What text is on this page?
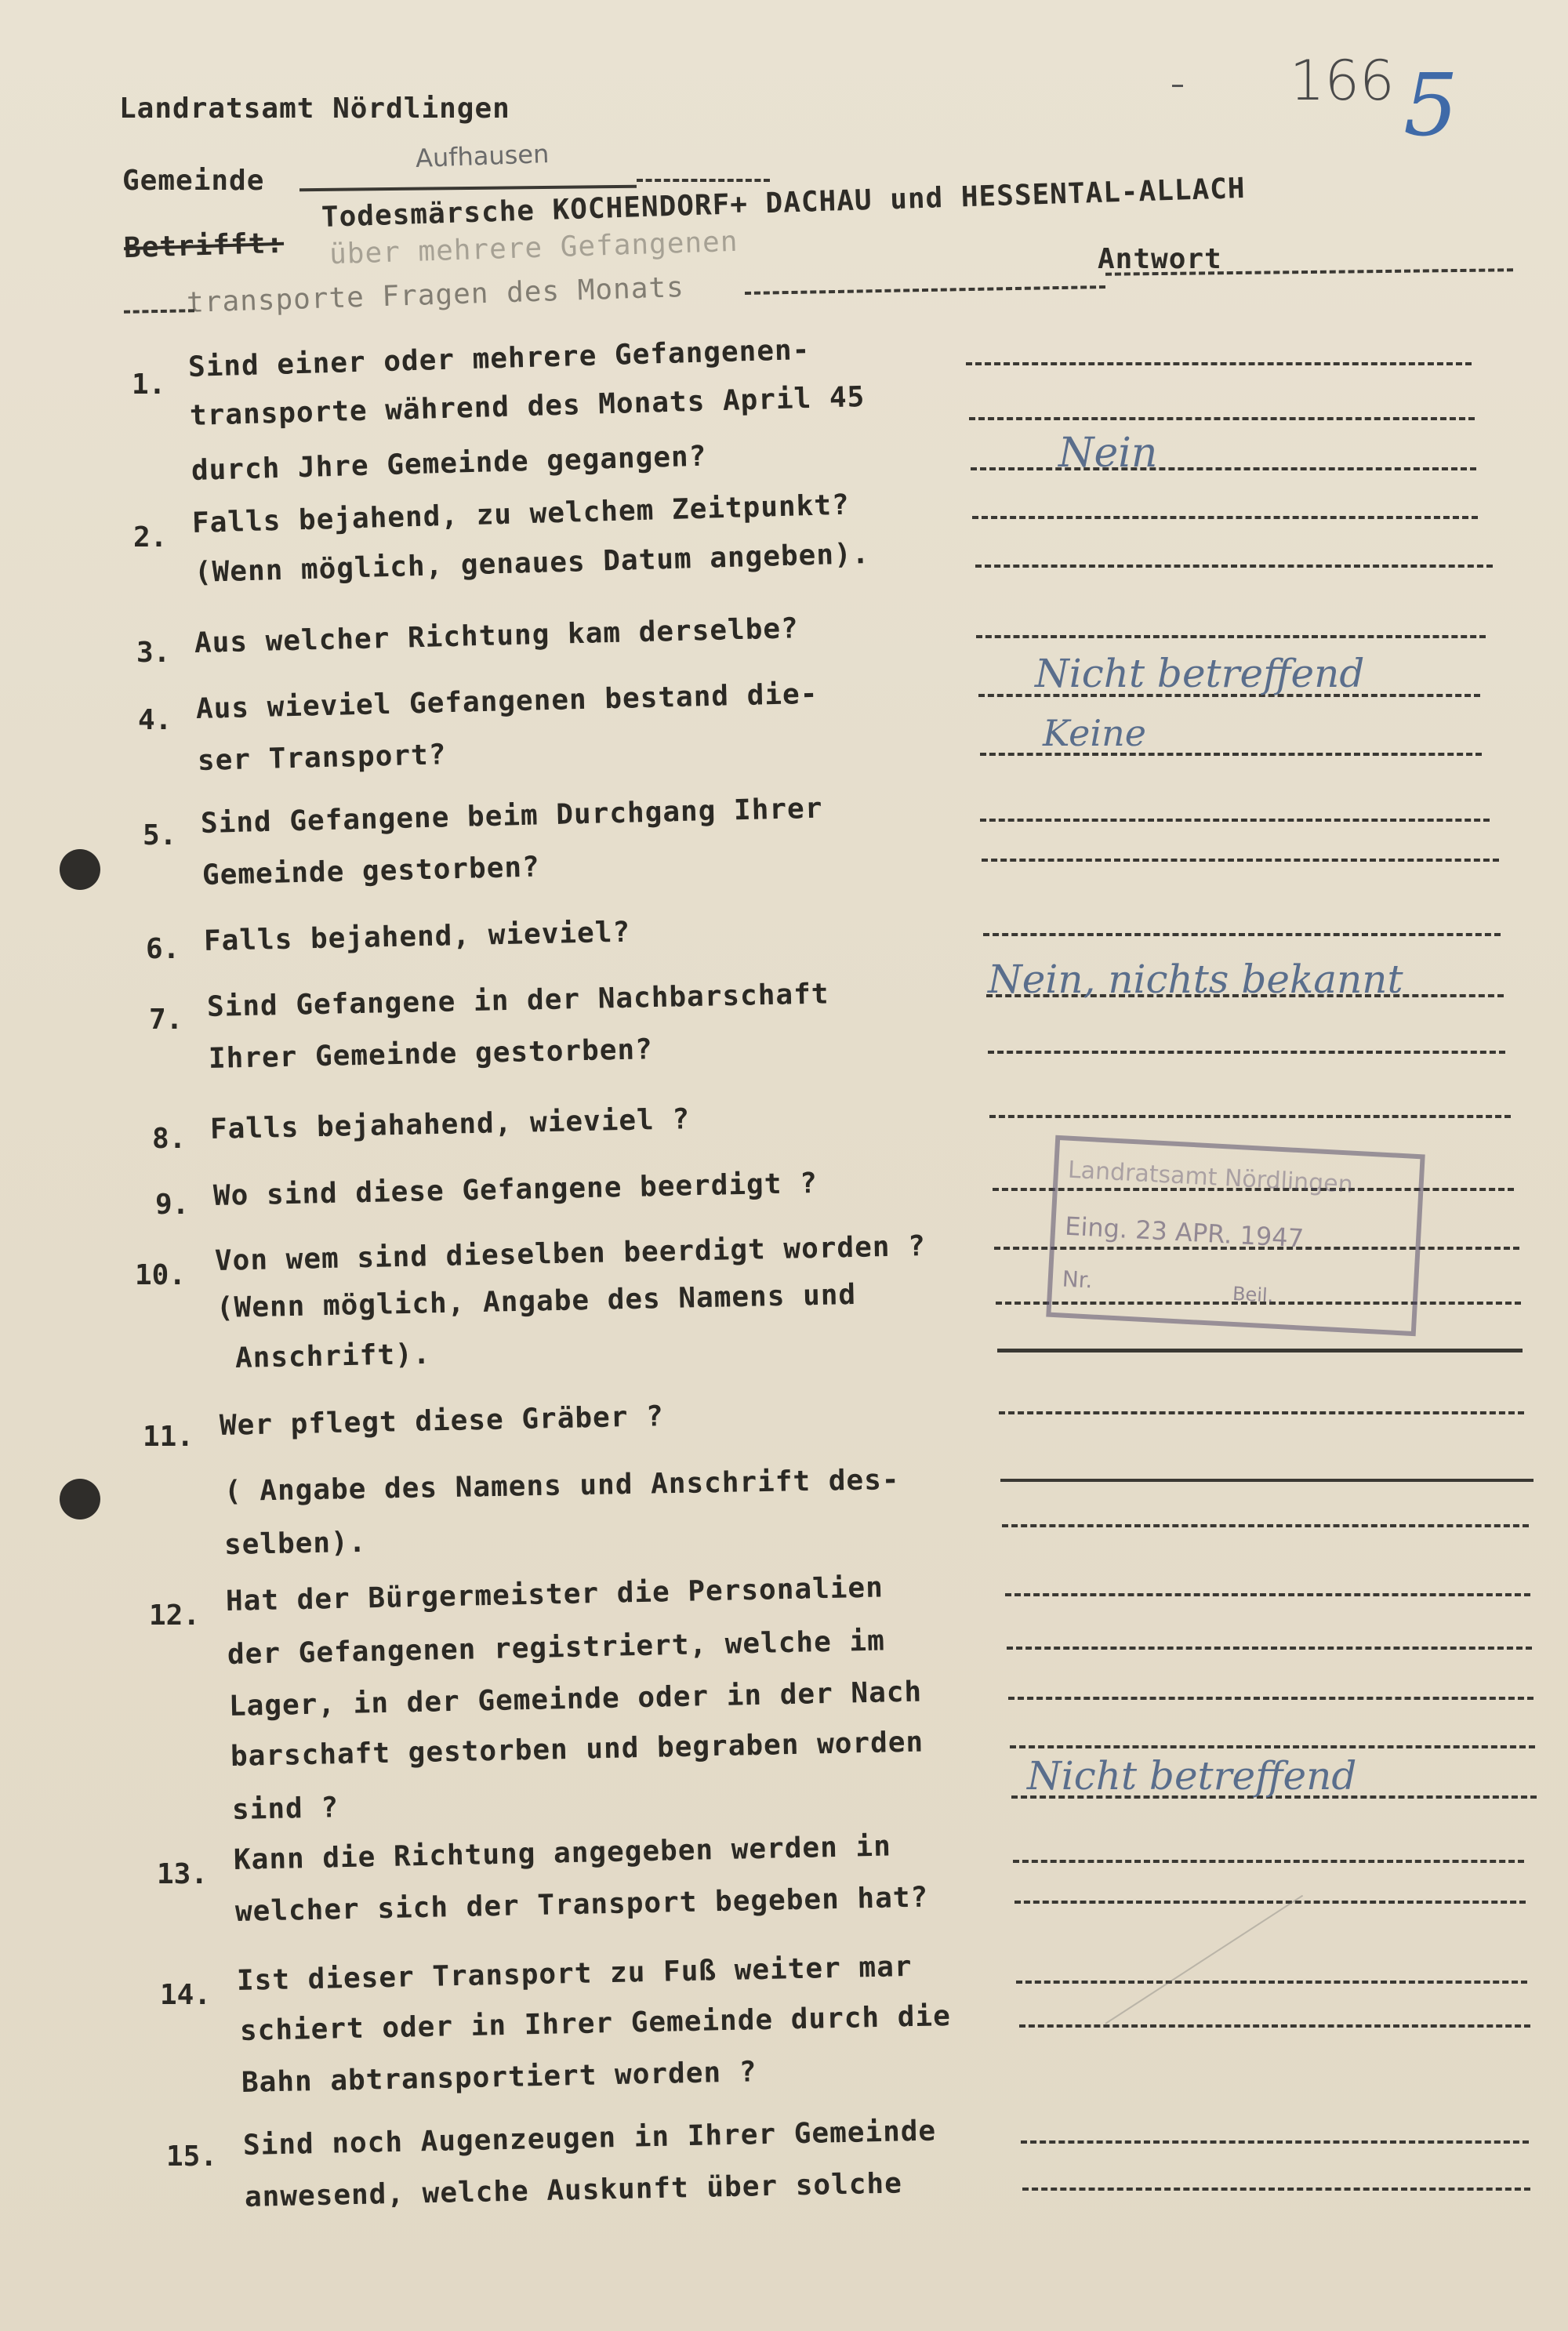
Landratsamt Nördlingen
Gemeinde
Aufhausen
166 5
Betrifft:
Todesmärsche KOCHENDORF+ DACHAU und HESSENTAL-ALLACH
über mehrere Gefangenen
transporte Fragen des Monats
Antwort
1.
Sind einer oder mehrere Gefangenen-
transporte während des Monats April 45
durch Jhre Gemeinde gegangen?	Nein
2. Falls bejahend, zu welchem Zeitpunkt?
(Wenn möglich, genaues Datum angeben).
3. Aus welcher Richtung kam derselbe?
4. Aus wieviel Gefangenen bestand die-
ser Transport?
Nicht betreffend
Keine
5. Sind Gefangene beim Durchgang Ihrer
Gemeinde gestorben?
6. Falls bejahend, wieviel?
7. Sind Gefangene in der Nachbarschaft
Ihrer Gemeinde gestorben?
Nein, nichts bekannt
8. Falls bejahahend, wieviel ?
9. Wo sind diese Gefangene beerdigt ?
10. Von wem sind dieselben beerdigt worden ?
(Wenn möglich, Angabe des Namens und
Anschrift).
Landratsamt Nördlingen
Eing. 23 APR. 1947
Nr.
Beil.
11. Wer pflegt diese Gräber ?
( Angabe des Namens und Anschrift des-
selben).
12. Hat der Bürgermeister die Personalien
der Gefangenen registriert, welche im
Lager, in der Gemeinde oder in der Nach
barschaft gestorben und begraben worden
sind ?
Nicht betreffend
13. Kann die Richtung angegeben werden in
welcher sich der Transport begeben hat?
14. Ist dieser Transport zu Fuß weiter mar
schiert oder in Ihrer Gemeinde durch die
Bahn abtransportiert worden ?
15. Sind noch Augenzeugen in Ihrer Gemeinde
anwesend, welche Auskunft über solche
